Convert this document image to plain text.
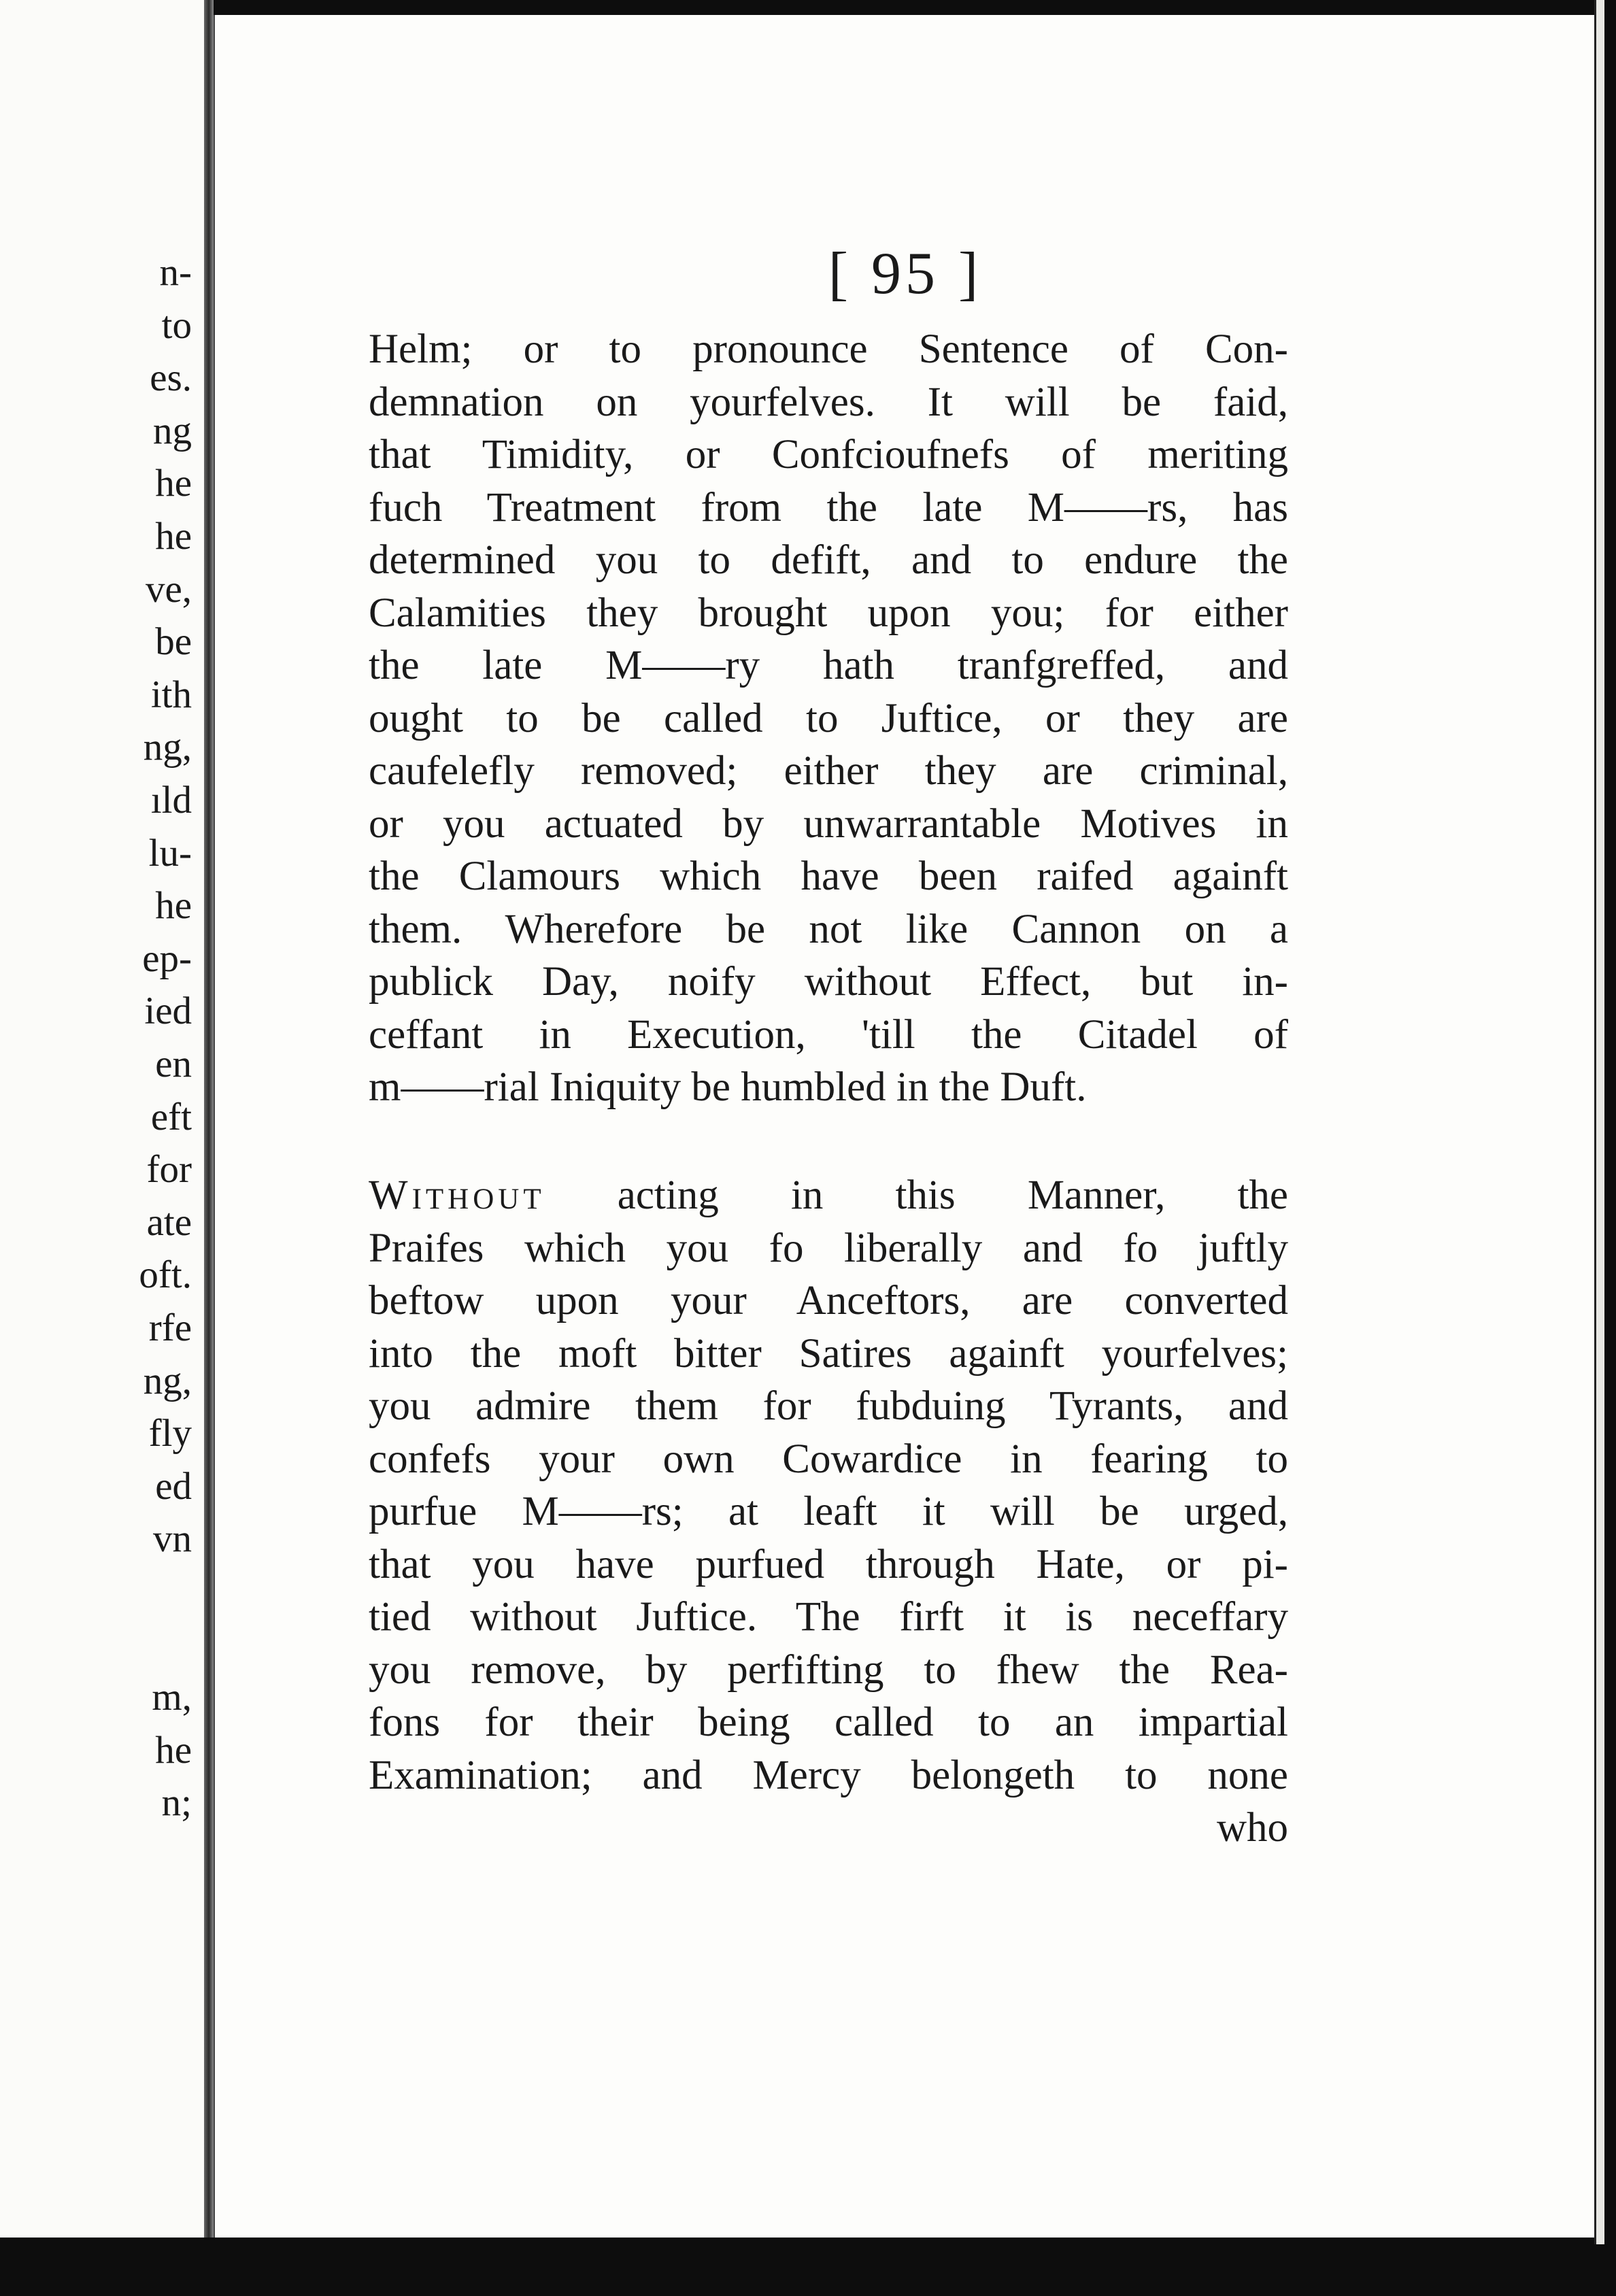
n-
to
es.
ng
he
he
ve,
be
ith
ng,
ıld
lu-
he
ep-
ied
en
eft
for
ate
oft.
rfe
ng,
fly
ed
vn
m,
he
n;
[ 95 ]
Helm; or to pronounce Sentence of Con-
demnation on yourfelves. It will be faid,
that Timidity, or Confcioufnefs of meriting
fuch Treatment from the late M——rs, has
determined you to defift, and to endure the
Calamities they brought upon you; for either
the late M——ry hath tranfgreffed, and
ought to be called to Juftice, or they are
caufelefly removed; either they are criminal,
or you actuated by unwarrantable Motives in
the Clamours which have been raifed againft
them. Wherefore be not like Cannon on a
publick Day, noify without Effect, but in-
ceffant in Execution, 'till the Citadel of
m——rial Iniquity be humbled in the Duft.
Without acting in this Manner, the
Praifes which you fo liberally and fo juftly
beftow upon your Anceftors, are converted
into the moft bitter Satires againft yourfelves;
you admire them for fubduing Tyrants, and
confefs your own Cowardice in fearing to
purfue M——rs; at leaft it will be urged,
that you have purfued through Hate, or pi-
tied without Juftice. The firft it is neceffary
you remove, by perfifting to fhew the Rea-
fons for their being called to an impartial
Examination; and Mercy belongeth to none
who
